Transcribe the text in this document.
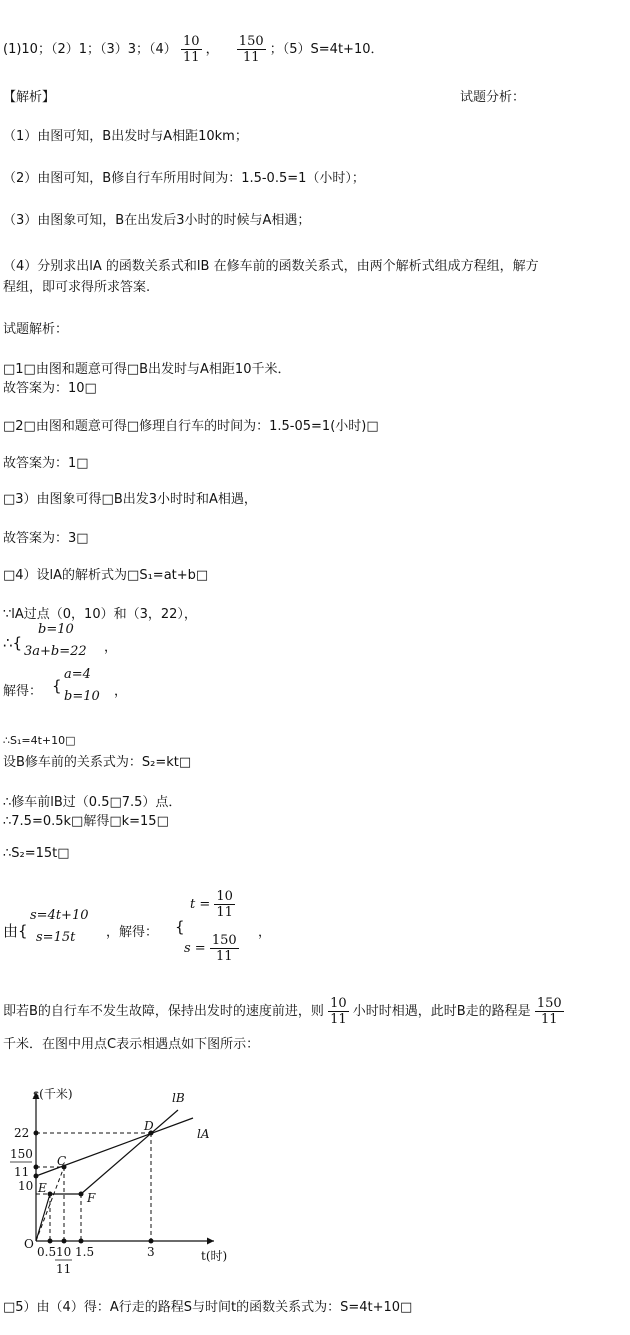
(1)10；（2）1；（3）3；$(4) \frac{10}{11}$ ， $\frac{150}{11}$ ；（5）S=4t+10．
【解析】	试题分析：
（1）由图可知，B出发时与A相距10km；
（2）由图可知，B修自行车所用时间为：1.5-0.5=1（小时）；
（3）由图象可知，B在出发后3小时的时候与A相遇；
（4）分别求出lA 的函数关系式和lB 在修车前的函数关系式，由两个解析式组成方程组，解方
程组，即可求得所求答案.
试题解析：
□1□由图和题意可得□B出发时与A相距10千米．
故答案为：10□
□2□由图和题意可得□修理自行车的时间为：1.5-05=1(小时)□
故答案为：1□
□3）由图象可得□B出发3小时时和A相遇，
故答案为：3□
□4）设lA的解析式为□S₁=at+b□
∵lA过点（0，10）和（3，22），
∴{
b=10
3a+b=22 ，
解得： {
a=4
b=10 ，
∴S₁=4t+10□
设B修车前的关系式为：S₂=kt□
∴修车前lB过（0.5□7.5）点．
∴7.5=0.5k□解得□k=15□
∴S₂=15t□
由{
s=4t+10
s=15t ，解得： {
$t = \frac{10}{11}$
$s = \frac{150}{11}$
，
即若B的自行车不发生故障，保持出发时的速度前进，则 $\frac{10}{11}$ 小时时相遇，此时B走的路程是 $\frac{150}{11}$
千米．在图中用点C表示相遇点如下图所示：
s(千米)
t(时)
22
150
11
10
O
0.5 10
11
1.5	3
D
C
E
F
lB
lA
□5）由（4）得：A行走的路程S与时间t的函数关系式为：S=4t+10□
